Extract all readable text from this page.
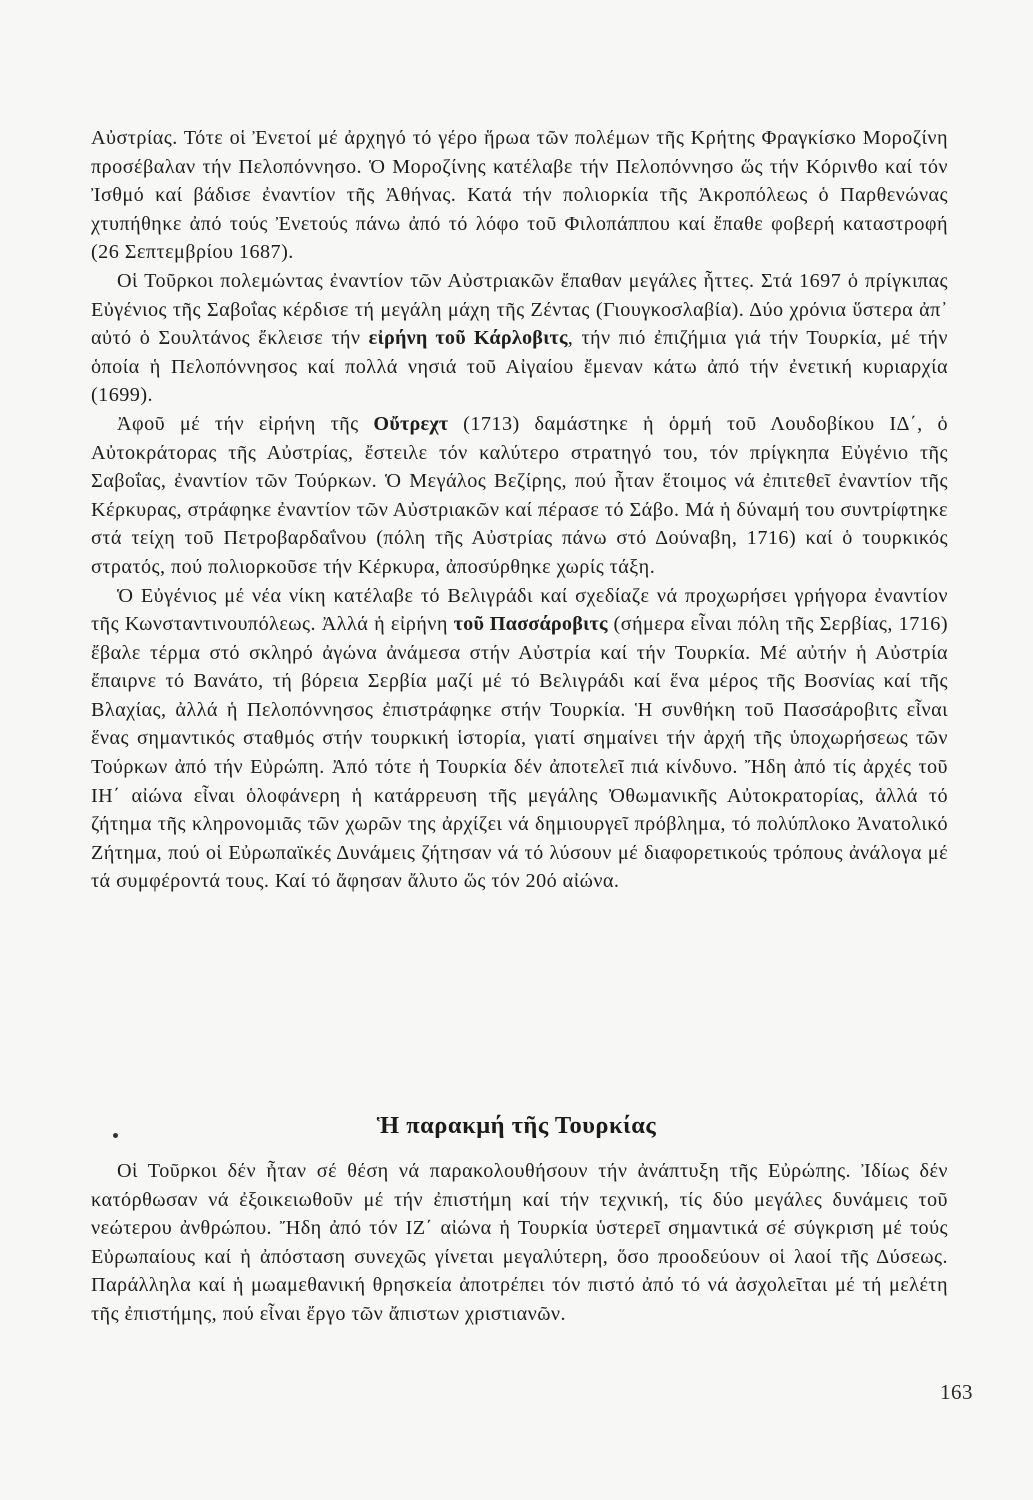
Αὐστρίας. Τότε οἱ Ἐνετοί μέ ἀρχηγό τό γέρο ἥρωα τῶν πολέμων τῆς Κρήτης Φραγκίσκο Μοροζίνη προσέβαλαν τήν Πελοπόννησο. Ὁ Μοροζίνης κατέλαβε τήν Πελοπόννησο ὥς τήν Κόρινθο καί τόν Ἰσθμό καί βάδισε ἐναντίον τῆς Ἀθήνας. Κατά τήν πολιορκία τῆς Ἀκροπόλεως ὁ Παρθενώνας χτυπήθηκε ἀπό τούς Ἐνετούς πάνω ἀπό τό λόφο τοῦ Φιλοπάππου καί ἔπαθε φοβερή καταστροφή (26 Σεπτεμβρίου 1687).

Οἱ Τοῦρκοι πολεμώντας ἐναντίον τῶν Αὐστριακῶν ἔπαθαν μεγάλες ἧττες. Στά 1697 ὁ πρίγκιπας Εὐγένιος τῆς Σαβοΐας κέρδισε τή μεγάλη μάχη τῆς Ζέντας (Γιουγκοσλαβία). Δύο χρόνια ὕστερα ἀπ᾽ αὐτό ὁ Σουλτάνος ἔκλεισε τήν εἰρήνη τοῦ Κάρλοβιτς, τήν πιό ἐπιζήμια γιά τήν Τουρκία, μέ τήν ὁποία ἡ Πελοπόννησος καί πολλά νησιά τοῦ Αἰγαίου ἔμεναν κάτω ἀπό τήν ἐνετική κυριαρχία (1699).

Ἀφοῦ μέ τήν εἰρήνη τῆς Οὔτρεχτ (1713) δαμάστηκε ἡ ὁρμή τοῦ Λουδοβίκου ΙΔ΄, ὁ Αὐτοκράτορας τῆς Αὐστρίας, ἔστειλε τόν καλύτερο στρατηγό του, τόν πρίγκηπα Εὐγένιο τῆς Σαβοΐας, ἐναντίον τῶν Τούρκων. Ὁ Μεγάλος Βεζίρης, πού ἦταν ἕτοιμος νά ἐπιτεθεῖ ἐναντίον τῆς Κέρκυρας, στράφηκε ἐναντίον τῶν Αὐστριακῶν καί πέρασε τό Σάβο. Μά ἡ δύναμή του συντρίφτηκε στά τείχη τοῦ Πετροβαρδαΐνου (πόλη τῆς Αὐστρίας πάνω στό Δούναβη, 1716) καί ὁ τουρκικός στρατός, πού πολιορκοῦσε τήν Κέρκυρα, ἀποσύρθηκε χωρίς τάξη.

Ὁ Εὐγένιος μέ νέα νίκη κατέλαβε τό Βελιγράδι καί σχεδίαζε νά προχωρήσει γρήγορα ἐναντίον τῆς Κωνσταντινουπόλεως. Ἀλλά ἡ εἰρήνη τοῦ Πασσάροβιτς (σήμερα εἶναι πόλη τῆς Σερβίας, 1716) ἔβαλε τέρμα στό σκληρό ἀγώνα ἀνάμεσα στήν Αὐστρία καί τήν Τουρκία. Μέ αὐτήν ἡ Αὐστρία ἔπαιρνε τό Βανάτο, τή βόρεια Σερβία μαζί μέ τό Βελιγράδι καί ἕνα μέρος τῆς Βοσνίας καί τῆς Βλαχίας, ἀλλά ἡ Πελοπόννησος ἐπιστράφηκε στήν Τουρκία. Ἡ συνθήκη τοῦ Πασσάροβιτς εἶναι ἕνας σημαντικός σταθμός στήν τουρκική ἱστορία, γιατί σημαίνει τήν ἀρχή τῆς ὑποχωρήσεως τῶν Τούρκων ἀπό τήν Εὐρώπη. Ἀπό τότε ἡ Τουρκία δέν ἀποτελεῖ πιά κίνδυνο. Ἤδη ἀπό τίς ἀρχές τοῦ ΙΗ΄ αἰώνα εἶναι ὁλοφάνερη ἡ κατάρρευση τῆς μεγάλης Ὀθωμανικῆς Αὐτοκρατορίας, ἀλλά τό ζήτημα τῆς κληρονομιᾶς τῶν χωρῶν της ἀρχίζει νά δημιουργεῖ πρόβλημα, τό πολύπλοκο Ἀνατολικό Ζήτημα, πού οἱ Εὐρωπαϊκές Δυνάμεις ζήτησαν νά τό λύσουν μέ διαφορετικούς τρόπους ἀνάλογα μέ τά συμφέροντά τους. Καί τό ἄφησαν ἄλυτο ὥς τόν 20ό αἰώνα.

Ἡ παρακμή τῆς Τουρκίας

Οἱ Τοῦρκοι δέν ἦταν σέ θέση νά παρακολουθήσουν τήν ἀνάπτυξη τῆς Εὐρώπης. Ἰδίως δέν κατόρθωσαν νά ἐξοικειωθοῦν μέ τήν ἐπιστήμη καί τήν τεχνική, τίς δύο μεγάλες δυνάμεις τοῦ νεώτερου ἀνθρώπου. Ἤδη ἀπό τόν ΙΖ΄ αἰώνα ἡ Τουρκία ὑστερεῖ σημαντικά σέ σύγκριση μέ τούς Εὐρωπαίους καί ἡ ἀπόσταση συνεχῶς γίνεται μεγαλύτερη, ὅσο προοδεύουν οἱ λαοί τῆς Δύσεως. Παράλληλα καί ἡ μωαμεθανική θρησκεία ἀποτρέπει τόν πιστό ἀπό τό νά ἀσχολεῖται μέ τή μελέτη τῆς ἐπιστήμης, πού εἶναι ἔργο τῶν ἄπιστων χριστιανῶν.

163
